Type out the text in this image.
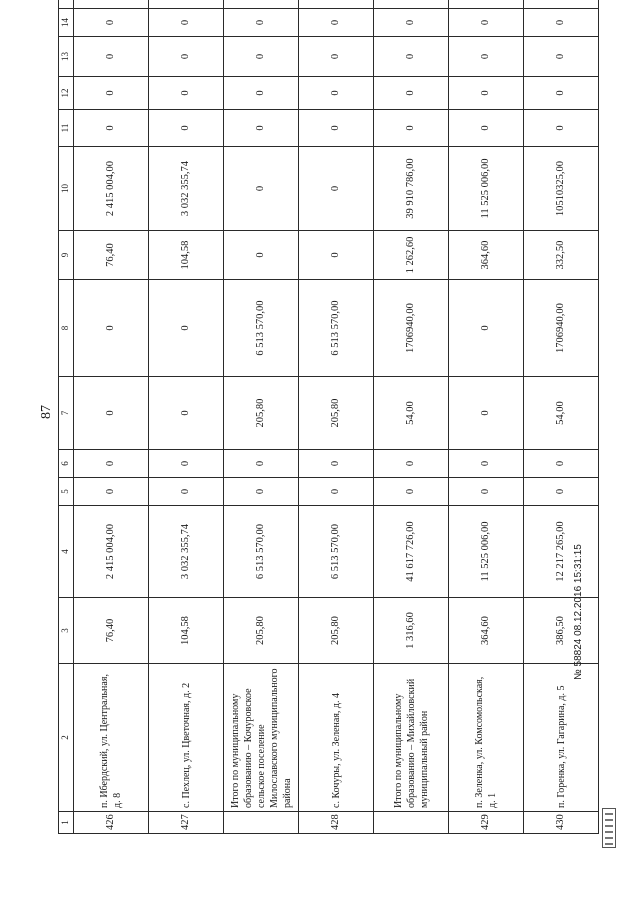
87
1	2	3	4	5	6	7	8	9	10	11	12	13	14		
426	п. Ибердский, ул. Центральная, д. 8	76,40	2 415 004,00	0	0	0	0	76,40	2 415 004,00	0	0	0	0		
427	с. Пехлец, ул. Цветочная, д. 2	104,58	3 032 355,74	0	0	0	0	104,58	3 032 355,74	0	0	0	0		
	Итого по муниципальному образованию – Кочуровское сельское поселение Милославского муниципального района	205,80	6 513 570,00	0	0	205,80	6 513 570,00	0	0	0	0	0	0		
428	с. Кочуры, ул. Зеленая, д. 4	205,80	6 513 570,00	0	0	205,80	6 513 570,00	0	0	0	0	0	0		
	Итого по муниципальному образованию – Михайловский муниципальный район	1 316,60	41 617 726,00	0	0	54,00	1706940,00	1 262,60	39 910 786,00	0	0	0	0		
429	п. Зеленка, ул. Комсомольская, д. 1	364,60	11 525 006,00	0	0	0	0	364,60	11 525 006,00	0	0	0	0		
430	п. Горенка, ул. Гагарина, д. 5	386,50	12 217 265,00	0	0	54,00	1706940,00	332,50	10510325,00	0	0	0	0		
№ 58824 08.12.2016 15:31:15
